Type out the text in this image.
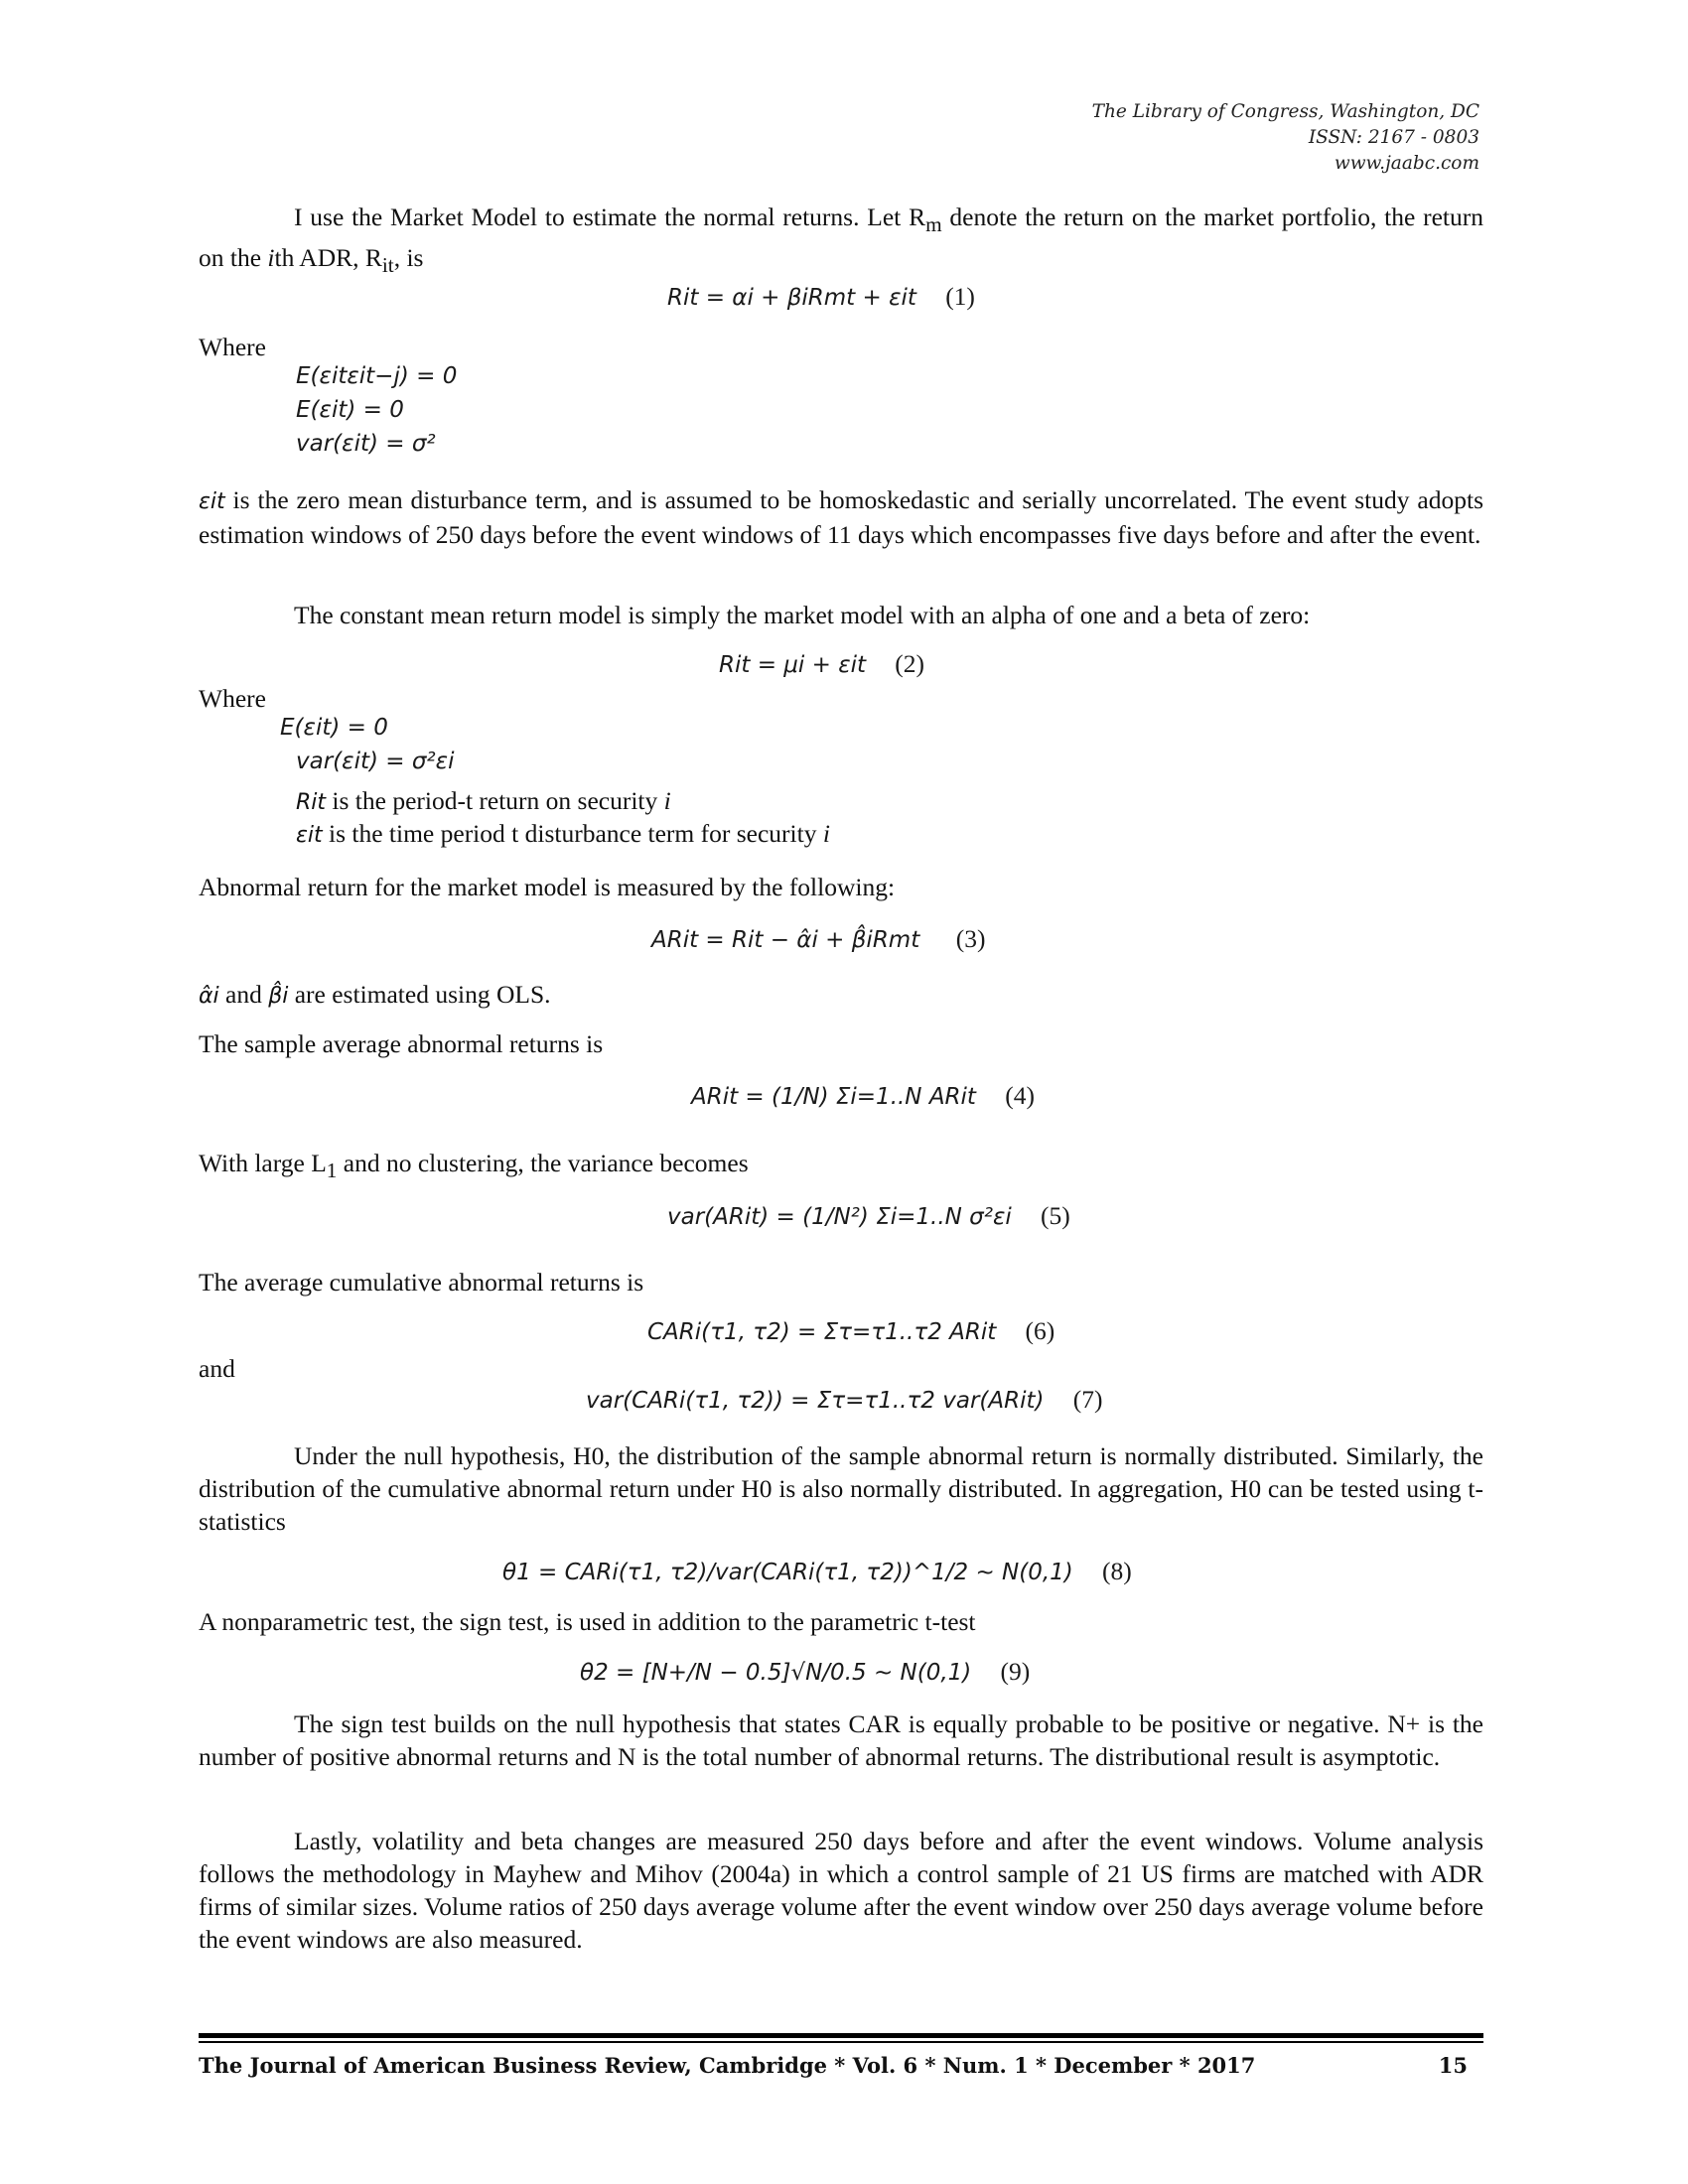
The Library of Congress, Washington, DC
ISSN: 2167 - 0803
www.jaabc.com
I use the Market Model to estimate the normal returns. Let $R_m$ denote the return on the market portfolio, the return on the ith ADR, $R_{it}$, is
Rit = αi + βiRmt + εit (1)
Where
E(εitεit−j) = 0
E(εit) = 0
var(εit) = σ²
εit is the zero mean disturbance term, and is assumed to be homoskedastic and serially uncorrelated. The event study adopts estimation windows of 250 days before the event windows of 11 days which encompasses five days before and after the event.
The constant mean return model is simply the market model with an alpha of one and a beta of zero:
Rit = μi + εit (2)
Where
E(εit) = 0
var(εit) = σ²εi
Rit is the period-t return on security i
εit is the time period t disturbance term for security i
Abnormal return for the market model is measured by the following:
ARit = Rit − α̂i + β̂iRmt (3)
α̂i and β̂i are estimated using OLS.
The sample average abnormal returns is
ARit = (1/N) Σi=1..N ARit (4)
With large $L_1$ and no clustering, the variance becomes
var(ARit) = (1/N²) Σi=1..N σ²εi (5)
The average cumulative abnormal returns is
CARi(τ1, τ2) = Στ=τ1..τ2 ARit (6)
and
var(CARi(τ1, τ2)) = Στ=τ1..τ2 var(ARit) (7)
Under the null hypothesis, H0, the distribution of the sample abnormal return is normally distributed. Similarly, the distribution of the cumulative abnormal return under H0 is also normally distributed. In aggregation, H0 can be tested using t-statistics
θ1 = CARi(τ1, τ2)/var(CARi(τ1, τ2))^1/2 ~ N(0,1) (8)
A nonparametric test, the sign test, is used in addition to the parametric t-test
θ2 = [N+/N − 0.5]√N/0.5 ~ N(0,1) (9)
The sign test builds on the null hypothesis that states CAR is equally probable to be positive or negative. N+ is the number of positive abnormal returns and N is the total number of abnormal returns. The distributional result is asymptotic.
Lastly, volatility and beta changes are measured 250 days before and after the event windows. Volume analysis follows the methodology in Mayhew and Mihov (2004a) in which a control sample of 21 US firms are matched with ADR firms of similar sizes. Volume ratios of 250 days average volume after the event window over 250 days average volume before the event windows are also measured.
The Journal of American Business Review, Cambridge * Vol. 6 * Num. 1 * December * 2017	15
